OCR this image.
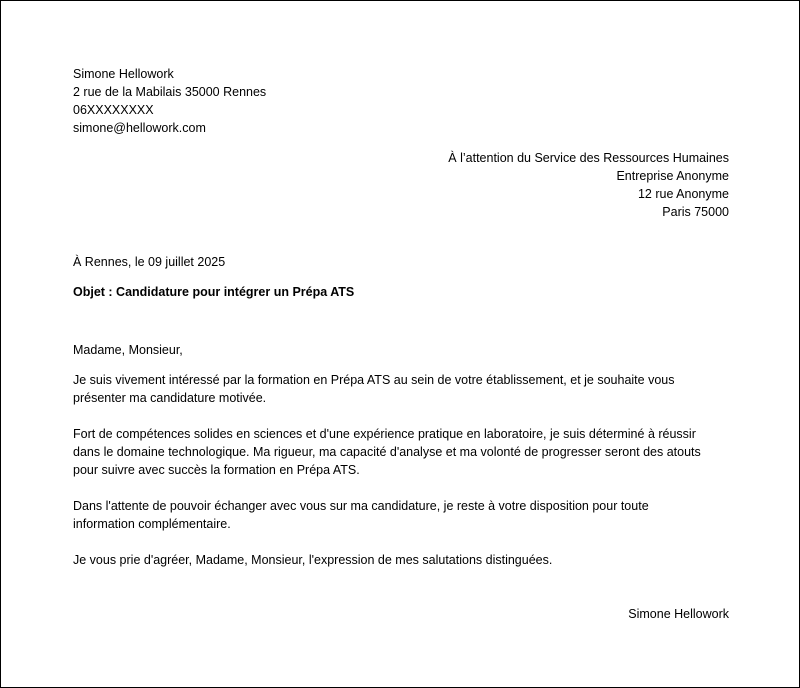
Simone Hellowork
2 rue de la Mabilais 35000 Rennes
06XXXXXXXX
simone@hellowork.com
À l’attention du Service des Ressources Humaines
Entreprise Anonyme
12 rue Anonyme
Paris 75000
À Rennes, le 09 juillet 2025
Objet : Candidature pour intégrer un Prépa ATS
Madame, Monsieur,
Je suis vivement intéressé par la formation en Prépa ATS au sein de votre établissement, et je souhaite vous
présenter ma candidature motivée.
Fort de compétences solides en sciences et d'une expérience pratique en laboratoire, je suis déterminé à réussir
dans le domaine technologique. Ma rigueur, ma capacité d'analyse et ma volonté de progresser seront des atouts
pour suivre avec succès la formation en Prépa ATS.
Dans l'attente de pouvoir échanger avec vous sur ma candidature, je reste à votre disposition pour toute
information complémentaire.
Je vous prie d'agréer, Madame, Monsieur, l'expression de mes salutations distinguées.
Simone Hellowork
